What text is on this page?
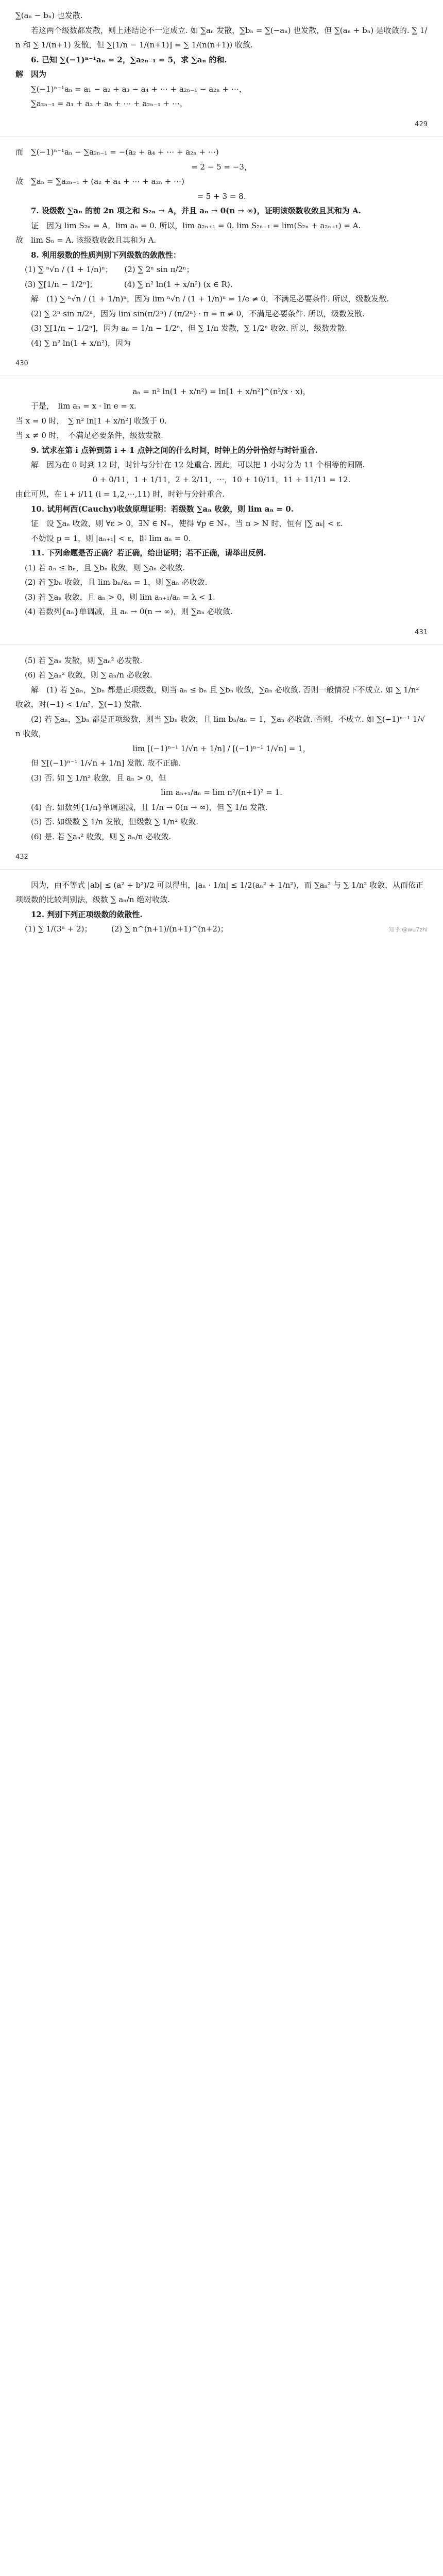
∑(aₙ − bₙ) 也发散.

若这两个级数都发散，则上述结论不一定成立. 如 ∑aₙ 发散，∑bₙ = ∑(−aₙ) 也发散，但 ∑(aₙ + bₙ) 是收敛的. ∑ 1/n 和 ∑ 1/(n+1) 发散，但 ∑[1/n − 1/(n+1)] = ∑ 1/(n(n+1)) 收敛.

6. 已知 ∑(−1)ⁿ⁻¹aₙ = 2，∑a₂ₙ₋₁ = 5，求 ∑aₙ 的和.

解　因为

∑(−1)ⁿ⁻¹aₙ = a₁ − a₂ + a₃ − a₄ + ⋯ + a₂ₙ₋₁ − a₂ₙ + ⋯，

∑a₂ₙ₋₁ = a₁ + a₃ + a₅ + ⋯ + a₂ₙ₋₁ + ⋯，

429

而　∑(−1)ⁿ⁻¹aₙ − ∑a₂ₙ₋₁ = −(a₂ + a₄ + ⋯ + a₂ₙ + ⋯)

= 2 − 5 = −3，

故　∑aₙ = ∑a₂ₙ₋₁ + (a₂ + a₄ + ⋯ + a₂ₙ + ⋯)

= 5 + 3 = 8.

7. 设级数 ∑aₙ 的前 2n 项之和 S₂ₙ → A，并且 aₙ → 0(n → ∞)，证明该级数收敛且其和为 A.

证　因为 lim S₂ₙ = A，lim aₙ = 0. 所以，lim a₂ₙ₊₁ = 0. lim S₂ₙ₊₁ = lim(S₂ₙ + a₂ₙ₊₁) = A.

故　lim Sₙ = A. 该级数收敛且其和为 A.

8. 利用级数的性质判别下列级数的敛散性：

(1) ∑ ⁿ√n / (1 + 1/n)ⁿ；　　(2) ∑ 2ⁿ sin π/2ⁿ；

(3) ∑[1/n − 1/2ⁿ]；　　　　(4) ∑ n² ln(1 + x/n²) (x ∈ R).

解　(1) ∑ ⁿ√n / (1 + 1/n)ⁿ，因为 lim ⁿ√n / (1 + 1/n)ⁿ = 1/e ≠ 0，不满足必要条件. 所以，级数发散.

(2) ∑ 2ⁿ sin π/2ⁿ，因为 lim sin(π/2ⁿ) / (π/2ⁿ) · π = π ≠ 0，不满足必要条件. 所以，级数发散.

(3) ∑[1/n − 1/2ⁿ]，因为 aₙ = 1/n − 1/2ⁿ，但 ∑ 1/n 发散，∑ 1/2ⁿ 收敛. 所以，级数发散.

(4) ∑ n² ln(1 + x/n²)，因为

430

aₙ = n² ln(1 + x/n²) = ln[1 + x/n²]^(n²/x · x)，

于是，　lim aₙ = x · ln e = x.

当 x = 0 时，　∑ n² ln[1 + x/n²] 收敛于 0.

当 x ≠ 0 时，　不满足必要条件，级数发散.

9. 试求在第 i 点钟到第 i + 1 点钟之间的什么时间，时钟上的分针恰好与时针重合.

解　因为在 0 时到 12 时，时针与分针在 12 处重合. 因此，可以把 1 小时分为 11 个相等的间隔.

0 + 0/11，1 + 1/11，2 + 2/11，⋯，10 + 10/11，11 + 11/11 = 12.

由此可见，在 i + i/11 (i = 1,2,⋯,11) 时，时针与分针重合.

10. 试用柯西(Cauchy)收敛原理证明：若级数 ∑aₙ 收敛，则 lim aₙ = 0.

证　设 ∑aₙ 收敛，则 ∀ε > 0，∃N ∈ N₊，使得 ∀p ∈ N₊，当 n > N 时，恒有 |∑ aₖ| < ε.

不妨设 p = 1，则 |aₙ₊₁| < ε，即 lim aₙ = 0.

11. 下列命题是否正确？若正确，给出证明；若不正确，请举出反例.

(1) 若 aₙ ≤ bₙ，且 ∑bₙ 收敛，则 ∑aₙ 必收敛.

(2) 若 ∑bₙ 收敛，且 lim bₙ/aₙ = 1，则 ∑aₙ 必收敛.

(3) 若 ∑aₙ 收敛，且 aₙ > 0，则 lim aₙ₊₁/aₙ = λ < 1.

(4) 若数列{aₙ}单调减，且 aₙ → 0(n → ∞)，则 ∑aₙ 必收敛.

431

(5) 若 ∑aₙ 发散，则 ∑aₙ² 必发散.

(6) 若 ∑aₙ² 收敛，则 ∑ aₙ/n 必收敛.

解　(1) 若 ∑aₙ，∑bₙ 都是正项级数，则当 aₙ ≤ bₙ 且 ∑bₙ 收敛，∑aₙ 必收敛. 否则一般情况下不成立. 如 ∑ 1/n² 收敛，对(−1) < 1/n²，∑(−1) 发散.

(2) 若 ∑aₙ，∑bₙ 都是正项级数，则当 ∑bₙ 收敛，且 lim bₙ/aₙ = 1，∑aₙ 必收敛. 否则，不成立. 如 ∑(−1)ⁿ⁻¹ 1/√n 收敛，

lim [(−1)ⁿ⁻¹ 1/√n + 1/n] / [(−1)ⁿ⁻¹ 1/√n] = 1，

但 ∑[(−1)ⁿ⁻¹ 1/√n + 1/n] 发散. 故不正确.

(3) 否. 如 ∑ 1/n² 收敛，且 aₙ > 0，但

lim aₙ₊₁/aₙ = lim n²/(n+1)² = 1.

(4) 否. 如数列{1/n}单调递减，且 1/n → 0(n → ∞)，但 ∑ 1/n 发散.

(5) 否. 如级数 ∑ 1/n 发散，但级数 ∑ 1/n² 收敛.

(6) 是. 若 ∑aₙ² 收敛，则 ∑ aₙ/n 必收敛.

432

因为，由不等式 |ab| ≤ (a² + b²)/2 可以得出，|aₙ · 1/n| ≤ 1/2(aₙ² + 1/n²)，而 ∑aₙ² 与 ∑ 1/n² 收敛，从而依正项级数的比较判别法，级数 ∑ aₙ/n 绝对收敛.

12. 判别下列正项级数的敛散性.

(1) ∑ 1/(3ⁿ + 2)；　　　(2) ∑ n^(n+1)/(n+1)^(n+2)；	知乎 @wu7zhi
